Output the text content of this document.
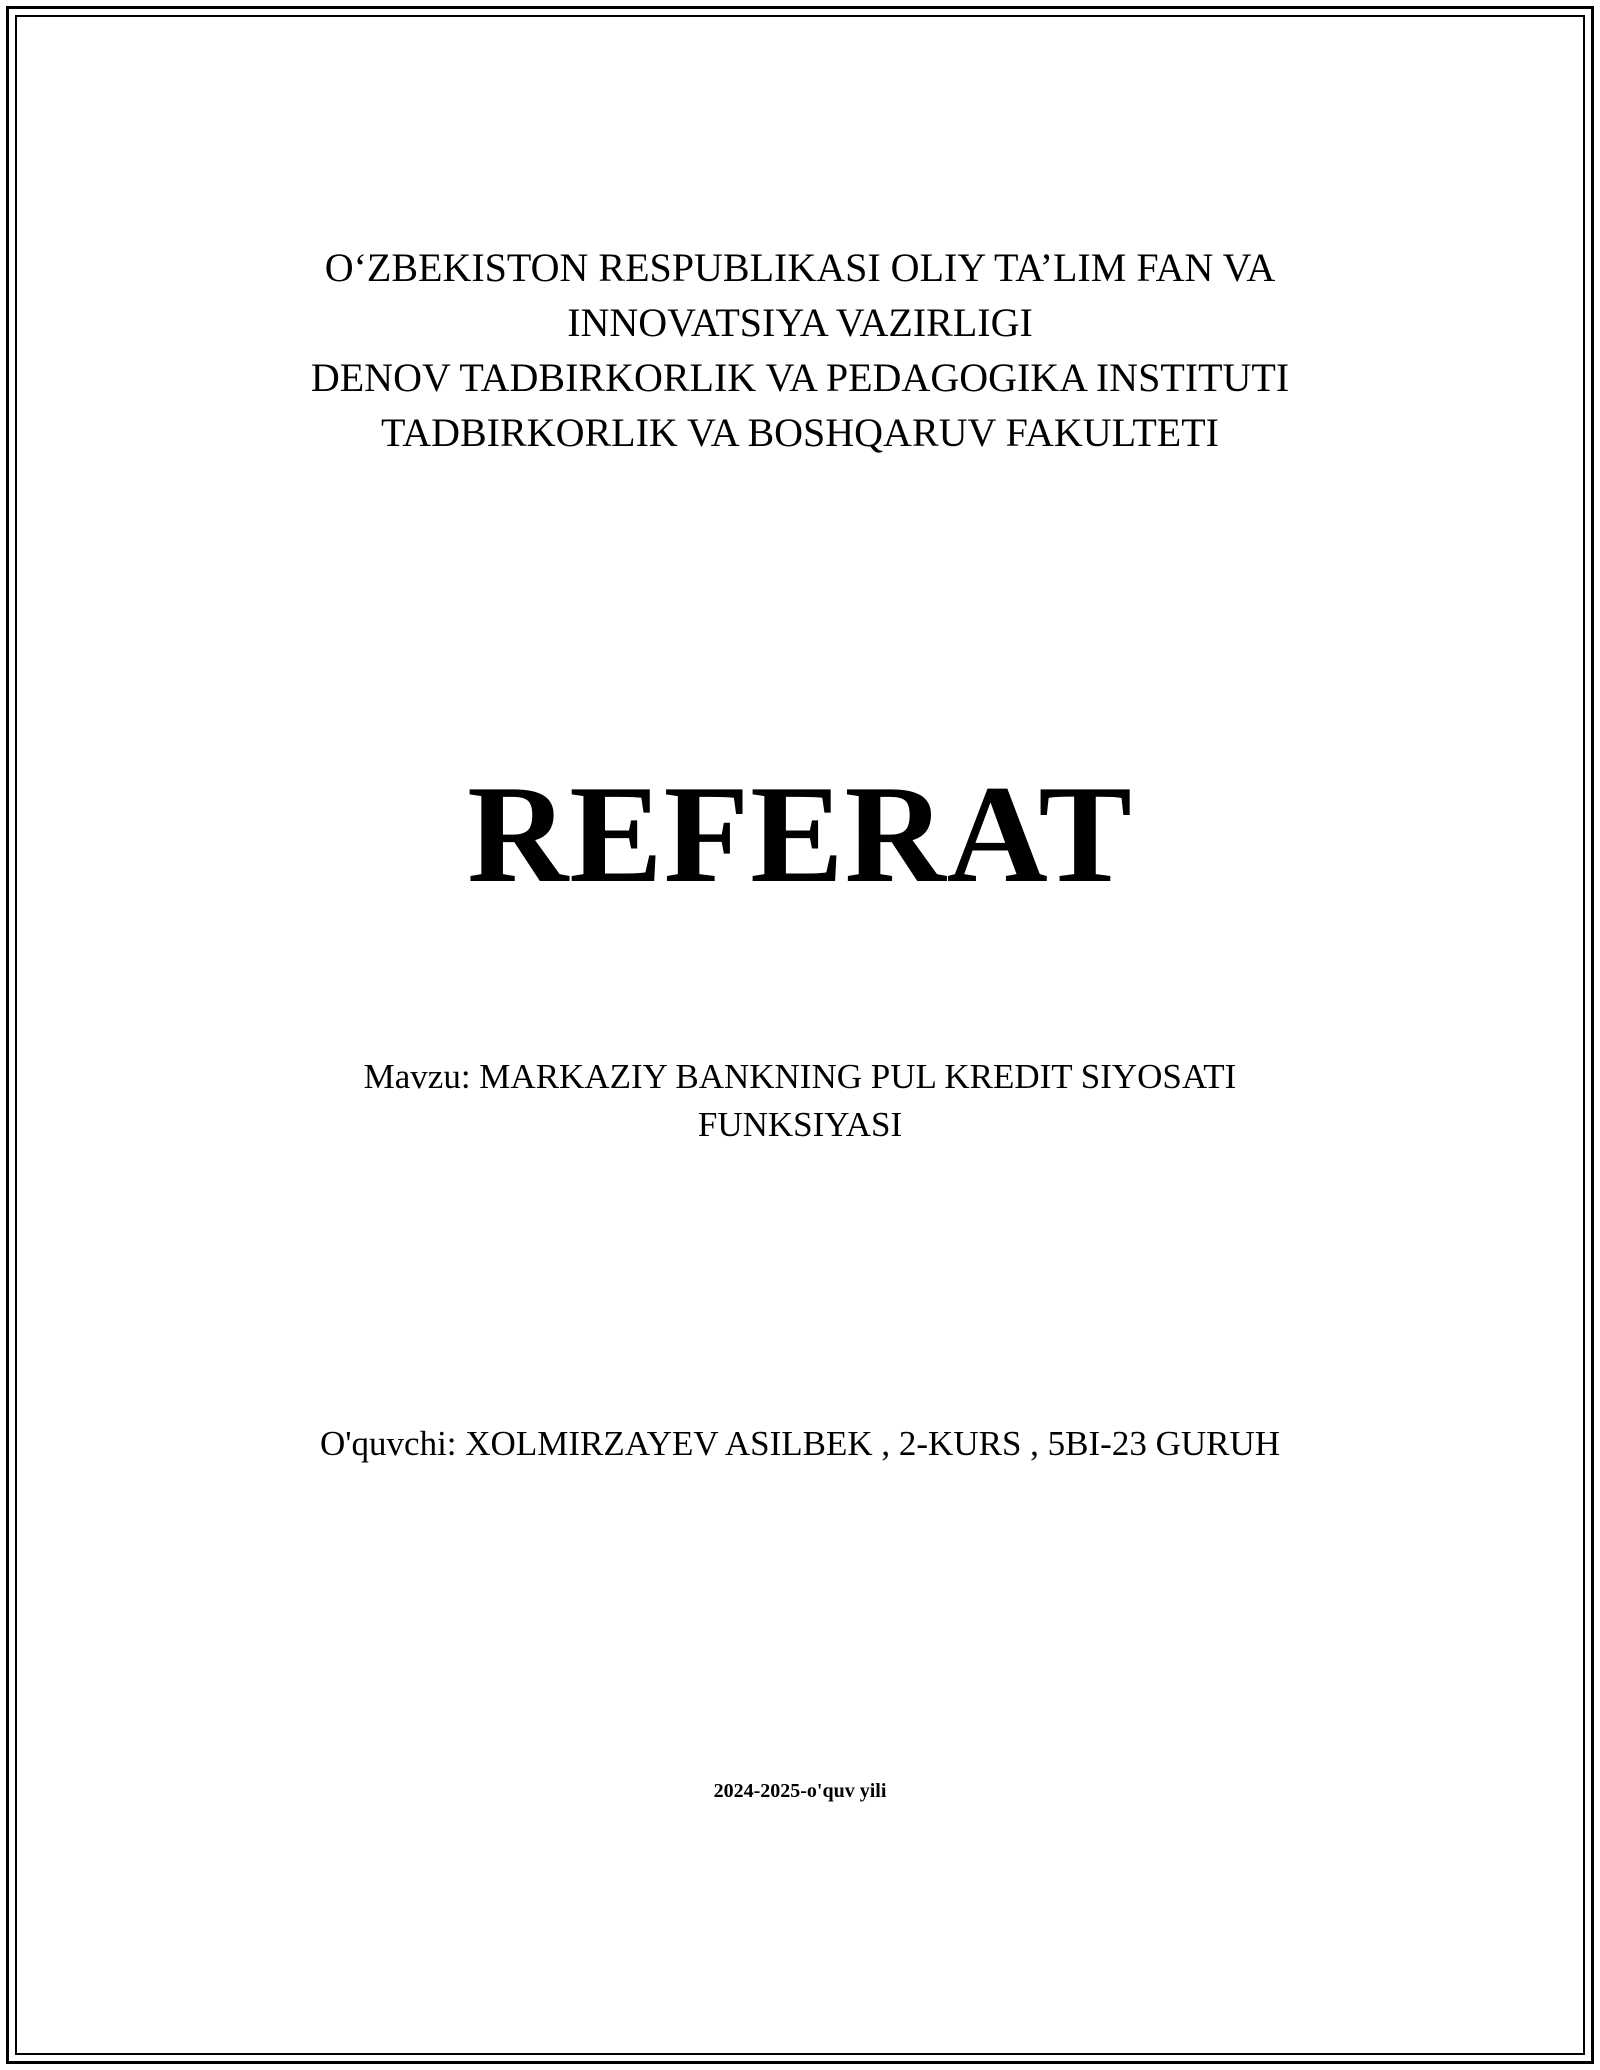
O‘ZBEKISTON RESPUBLIKASI OLIY TA’LIM FAN VA
INNOVATSIYA VAZIRLIGI
DENOV TADBIRKORLIK VA PEDAGOGIKA INSTITUTI
TADBIRKORLIK VA BOSHQARUV FAKULTETI
REFERAT
Mavzu: MARKAZIY BANKNING PUL KREDIT SIYOSATI FUNKSIYASI
O'quvchi: XOLMIRZAYEV ASILBEK , 2-KURS , 5BI-23 GURUH
2024-2025-o'quv yili
